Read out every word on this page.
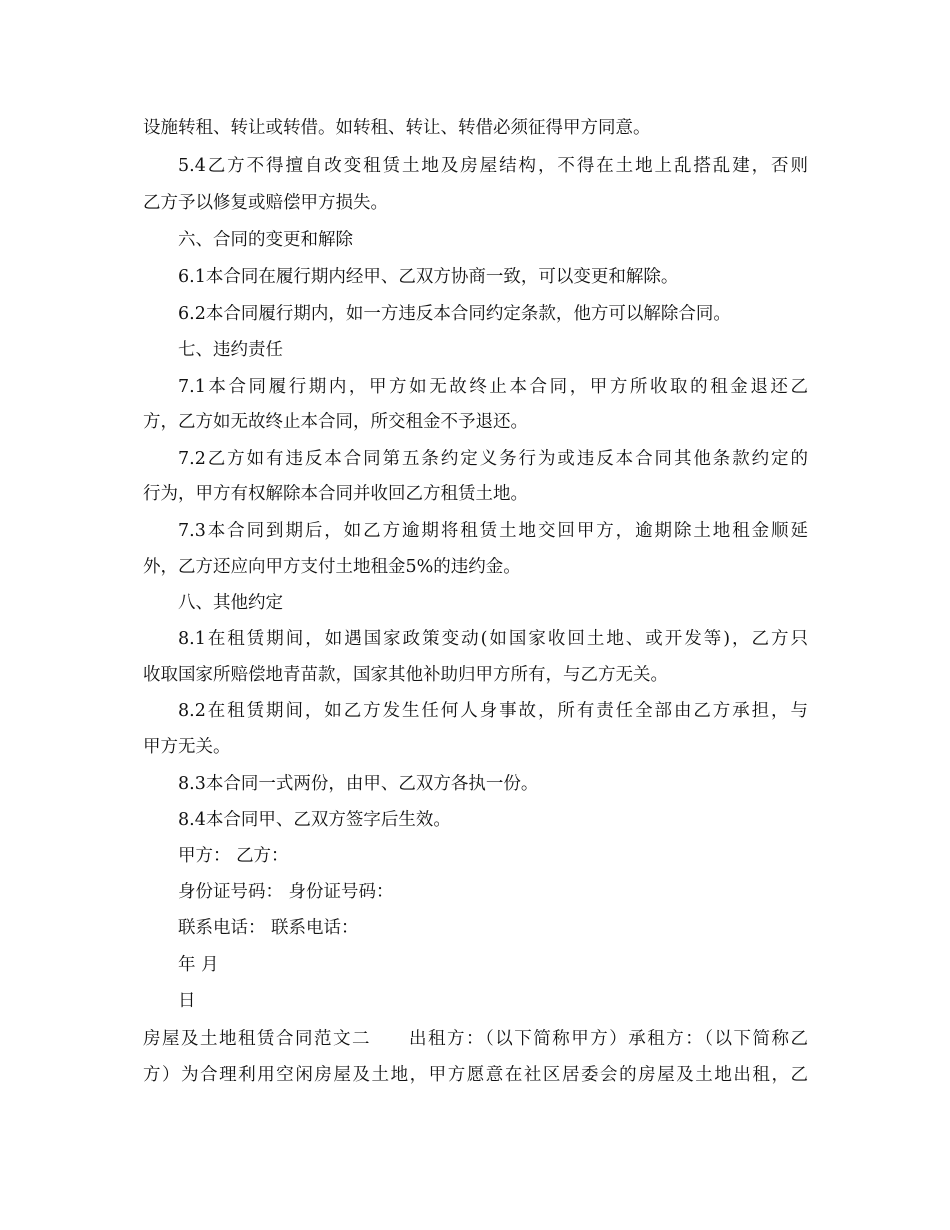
设施转租、转让或转借。如转租、转让、转借必须征得甲方同意。
5.4乙方不得擅自改变租赁土地及房屋结构，不得在土地上乱搭乱建，否则
乙方予以修复或赔偿甲方损失。
六、合同的变更和解除
6.1本合同在履行期内经甲、乙双方协商一致，可以变更和解除。
6.2本合同履行期内，如一方违反本合同约定条款，他方可以解除合同。
七、违约责任
7.1本合同履行期内，甲方如无故终止本合同，甲方所收取的租金退还乙
方，乙方如无故终止本合同，所交租金不予退还。
7.2乙方如有违反本合同第五条约定义务行为或违反本合同其他条款约定的
行为，甲方有权解除本合同并收回乙方租赁土地。
7.3本合同到期后，如乙方逾期将租赁土地交回甲方，逾期除土地租金顺延
外，乙方还应向甲方支付土地租金5%的违约金。
八、其他约定
8.1在租赁期间，如遇国家政策变动(如国家收回土地、或开发等)，乙方只
收取国家所赔偿地青苗款，国家其他补助归甲方所有，与乙方无关。
8.2在租赁期间，如乙方发生任何人身事故，所有责任全部由乙方承担，与
甲方无关。
8.3本合同一式两份，由甲、乙双方各执一份。
8.4本合同甲、乙双方签字后生效。
甲方： 乙方：
身份证号码： 身份证号码：
联系电话： 联系电话：
年 月
日
房屋及土地租赁合同范文二　　出租方：（以下简称甲方）承租方：（以下简称乙
方）为合理利用空闲房屋及土地，甲方愿意在社区居委会的房屋及土地出租，乙
